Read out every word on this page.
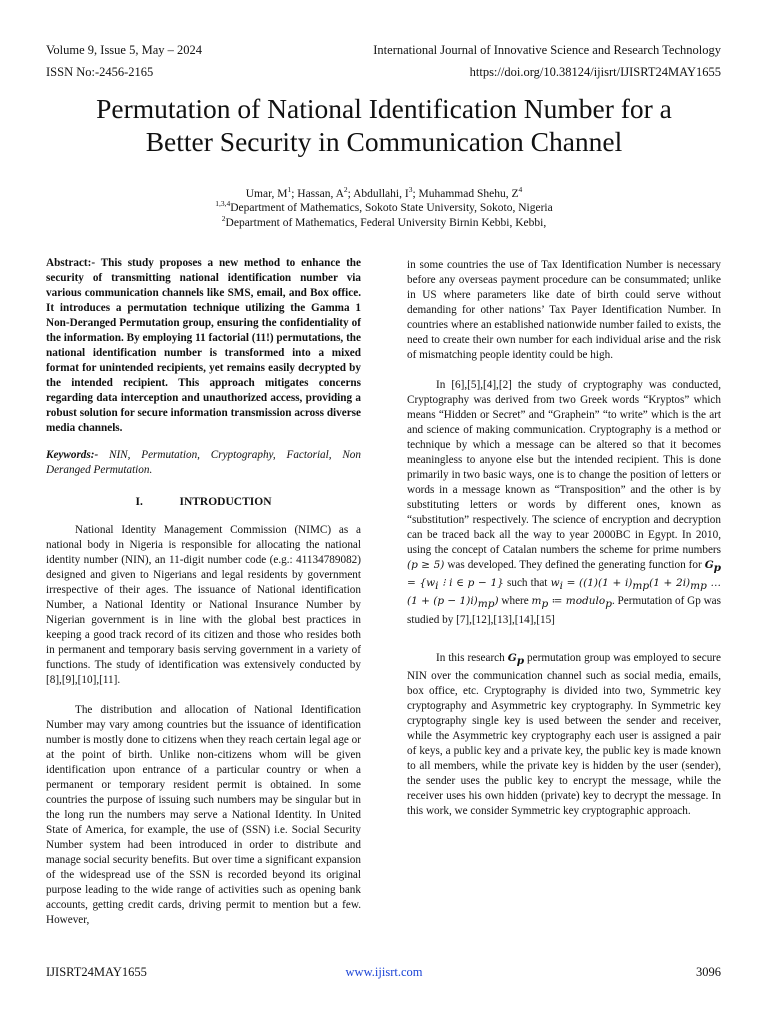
Volume 9, Issue 5, May – 2024	International Journal of Innovative Science and Research Technology
ISSN No:-2456-2165	https://doi.org/10.38124/ijisrt/IJISRT24MAY1655
Permutation of National Identification Number for a
Better Security in Communication Channel
Umar, $M^1$; Hassan, $A^2$; Abdullahi, $I^3$; Muhammad Shehu, $Z^4$
$^{1,3,4}$Department of Mathematics, Sokoto State University, Sokoto, Nigeria
$^2$Department of Mathematics, Federal University Birnin Kebbi, Kebbi,

Abstract:- This study proposes a new method to enhance the security of transmitting national identification number via various communication channels like SMS, email, and Box office. It introduces a permutation technique utilizing the Gamma 1 Non-Deranged Permutation group, ensuring the confidentiality of the information. By employing 11 factorial (11!) permutations, the national identification number is transformed into a mixed format for unintended recipients, yet remains easily decrypted by the intended recipient. This approach mitigates concerns regarding data interception and unauthorized access, providing a robust solution for secure information transmission across diverse media channels.

Keywords:- NIN, Permutation, Cryptography, Factorial, Non Deranged Permutation.

I.	INTRODUCTION

National Identity Management Commission (NIMC) as a national body in Nigeria is responsible for allocating the national identity number (NIN), an 11-digit number code (e.g.: 41134789082) designed and given to Nigerians and legal residents by government irrespective of their ages. The issuance of National identification Number, a National Identity or National Insurance Number by Nigerian government is in line with the global best practices in keeping a good track record of its citizen and those who resides both in permanent and temporary basis serving government in a variety of functions. The study of identification was extensively conducted by [8],[9],[10],[11].

The distribution and allocation of National Identification Number may vary among countries but the issuance of identification number is mostly done to citizens when they reach certain legal age or at the point of birth. Unlike non-citizens whom will be given identification upon entrance of a particular country or when a permanent or temporary resident permit is obtained. In some countries the purpose of issuing such numbers may be singular but in the long run the numbers may serve a National Identity. In United State of America, for example, the use of (SSN) i.e. Social Security Number system had been introduced in order to distribute and manage social security benefits. But over time a significant expansion of the widespread use of the SSN is recorded beyond its original purpose leading to the wide range of activities such as opening bank accounts, getting credit cards, driving permit to mention but a few. However,

in some countries the use of Tax Identification Number is necessary before any overseas payment procedure can be consummated; unlike in US where parameters like date of birth could serve without demanding for other nations’ Tax Payer Identification Number. In countries where an established nationwide number failed to exists, the need to create their own number for each individual arise and the risk of mismatching people identity could be high.

In [6],[5],[4],[2] the study of cryptography was conducted, Cryptography was derived from two Greek words “Kryptos” which means “Hidden or Secret” and “Graphein” “to write” which is the art and science of making communication. Cryptography is a method or technique by which a message can be altered so that it becomes meaningless to anyone else but the intended recipient. This is done primarily in two basic ways, one is to change the position of letters or words in a message known as “Transposition” and the other is by substituting letters or words by different ones, known as “substitution” respectively. The science of encryption and decryption can be traced back all the way to year 2000BC in Egypt. In 2010, using the concept of Catalan numbers the scheme for prime numbers (p ≥ 5) was developed. They defined the generating function for $G_p = \{w_i$ ⁝ i ∈ p − 1} such that $w_i = ((1)(1 + i)_{mp}(1 + 2i)_{mp}$ … $(1 + (p - 1)i)_{mp}$) where $m_p$ ≔ modulo$_p$. Permutation of Gp was studied by [7],[12],[13],[14],[15]

In this research $G_p$ permutation group was employed to secure NIN over the communication channel such as social media, emails, box office, etc. Cryptography is divided into two, Symmetric key cryptography and Asymmetric key cryptography. In Symmetric key cryptography single key is used between the sender and receiver, while the Asymmetric key cryptography each user is assigned a pair of keys, a public key and a private key, the public key is made known to all members, while the private key is hidden by the user (sender), the sender uses the public key to encrypt the message, while the receiver uses his own hidden (private) key to decrypt the message. In this work, we consider Symmetric key cryptographic approach.

IJISRT24MAY1655	www.ijisrt.com	3096
